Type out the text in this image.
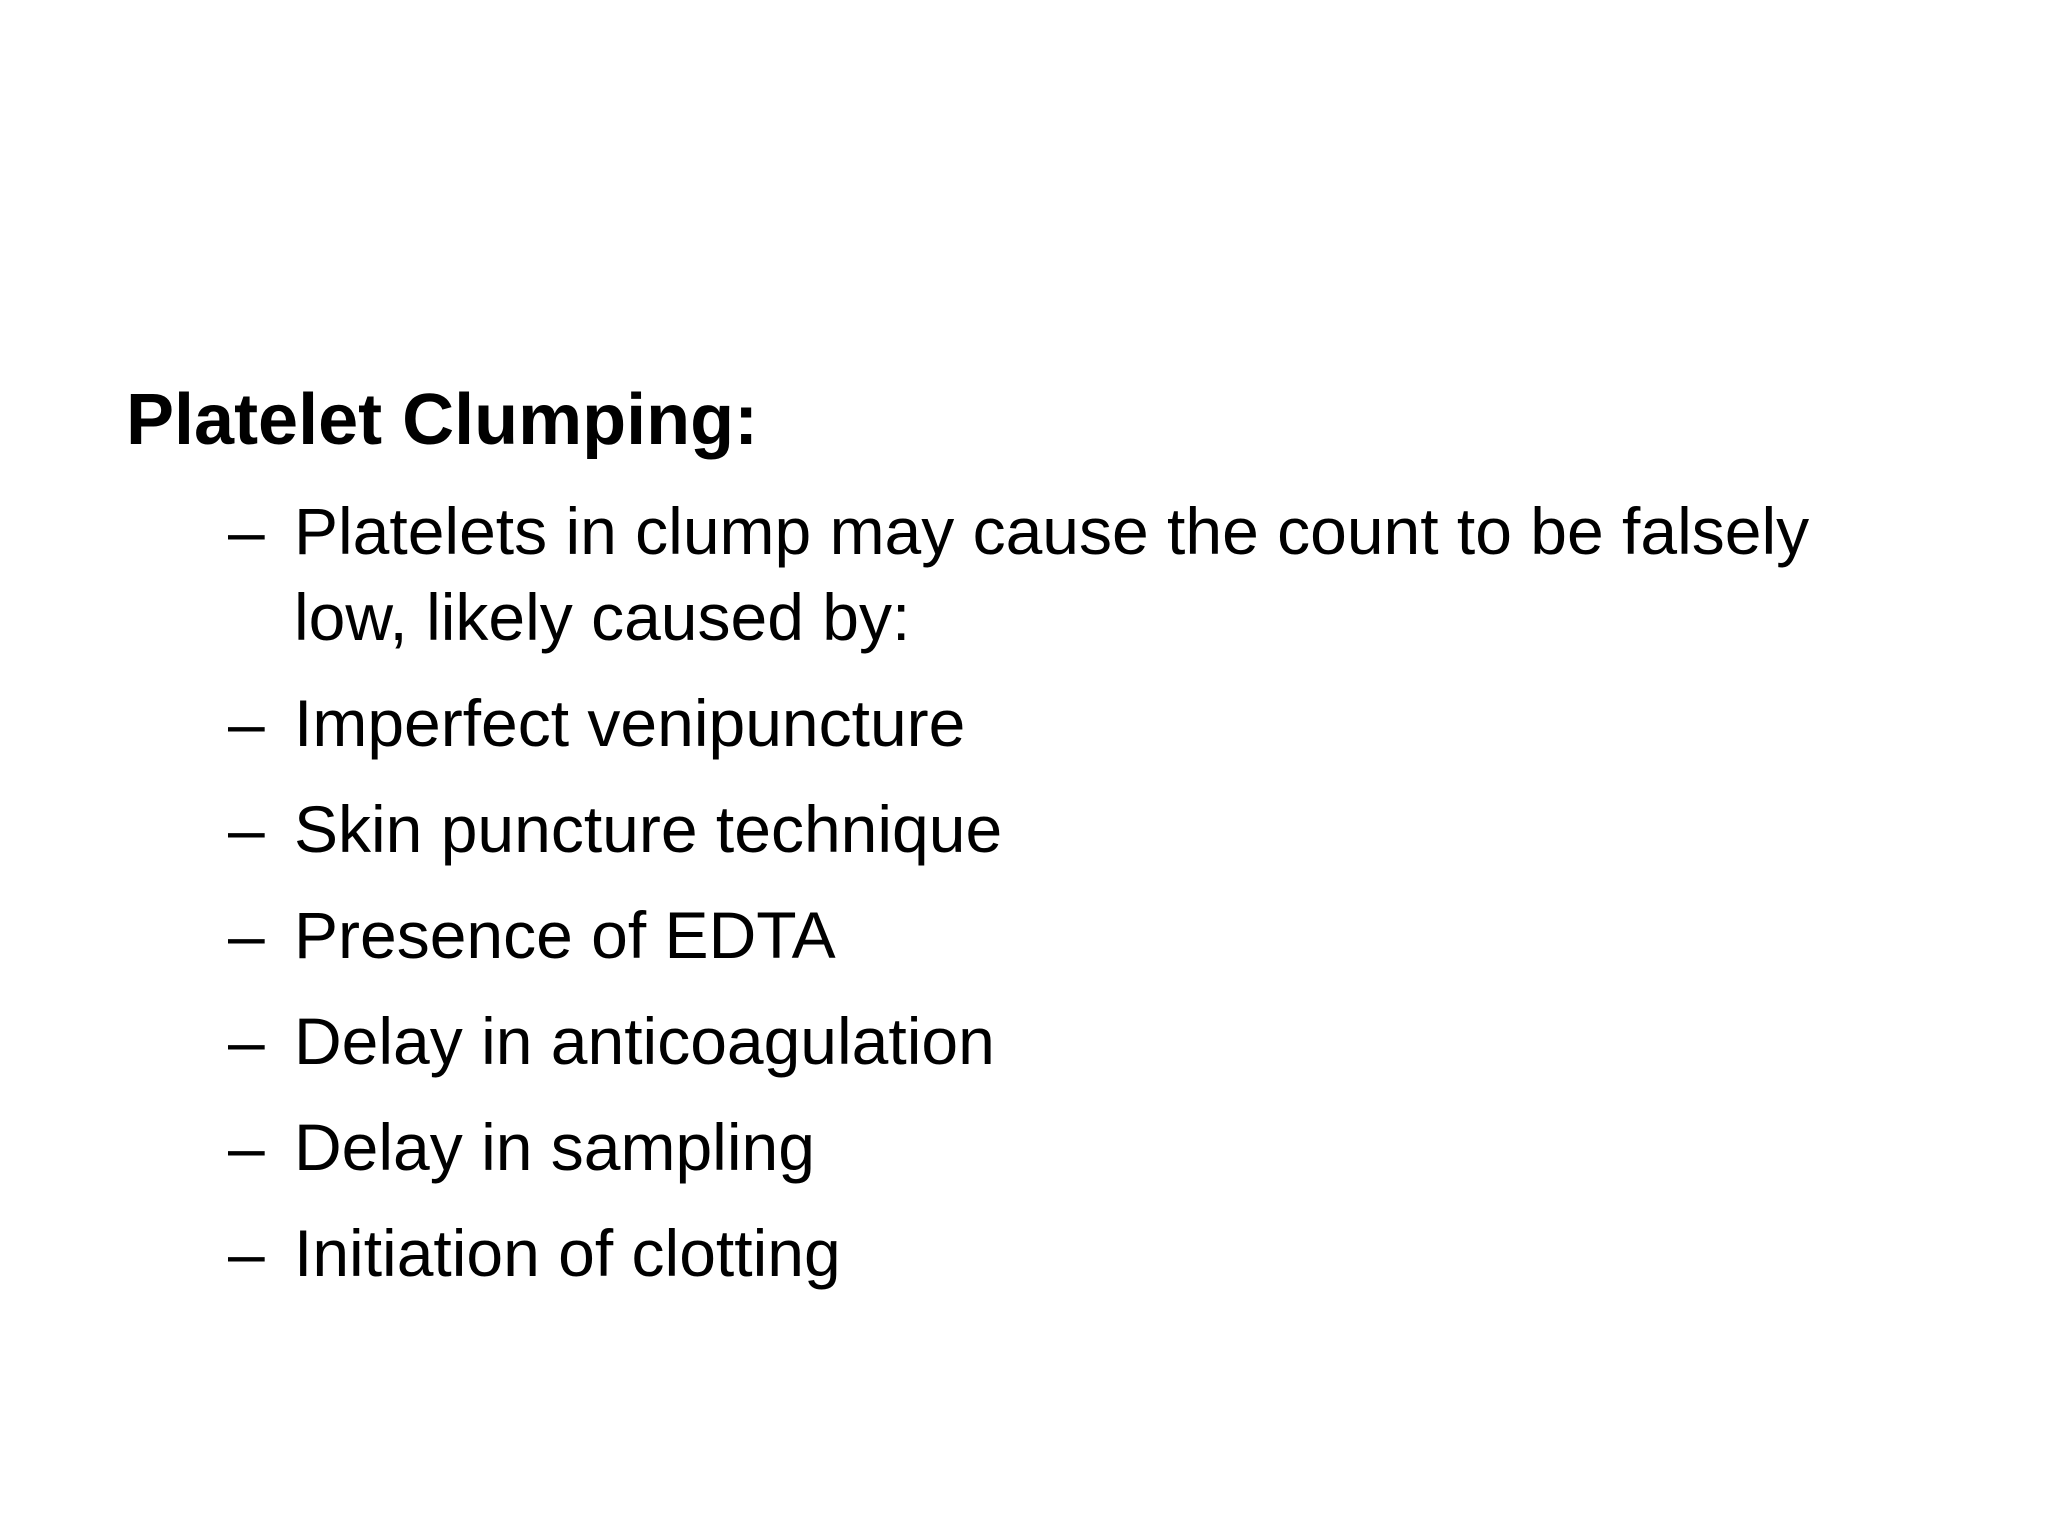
Platelet Clumping:
– Platelets in clump may cause the count to be falsely low, likely caused by:
– Imperfect venipuncture
– Skin puncture technique
– Presence of EDTA
– Delay in anticoagulation
– Delay in sampling
– Initiation of clotting
